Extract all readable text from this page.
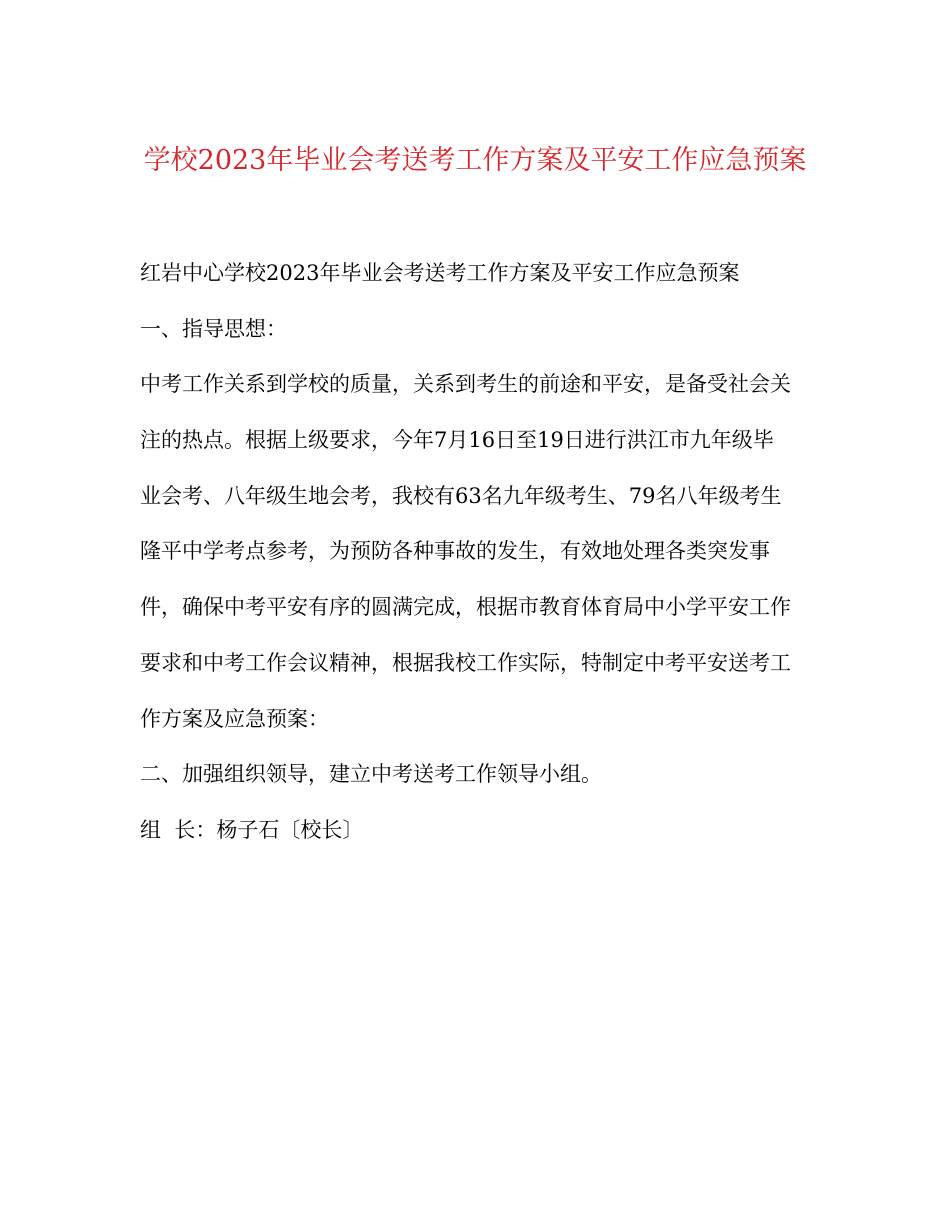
学校2023年毕业会考送考工作方案及平安工作应急预案
红岩中心学校2023年毕业会考送考工作方案及平安工作应急预案
一、指导思想：
中考工作关系到学校的质量，关系到考生的前途和平安，是备受社会关
注的热点。根据上级要求，今年7月16日至19日进行洪江市九年级毕
业会考、八年级生地会考，我校有63名九年级考生、79名八年级考生
隆平中学考点参考，为预防各种事故的发生，有效地处理各类突发事
件，确保中考平安有序的圆满完成，根据市教育体育局中小学平安工作
要求和中考工作会议精神，根据我校工作实际，特制定中考平安送考工
作方案及应急预案：
二、加强组织领导，建立中考送考工作领导小组。
组  长：杨子石〔校长〕
